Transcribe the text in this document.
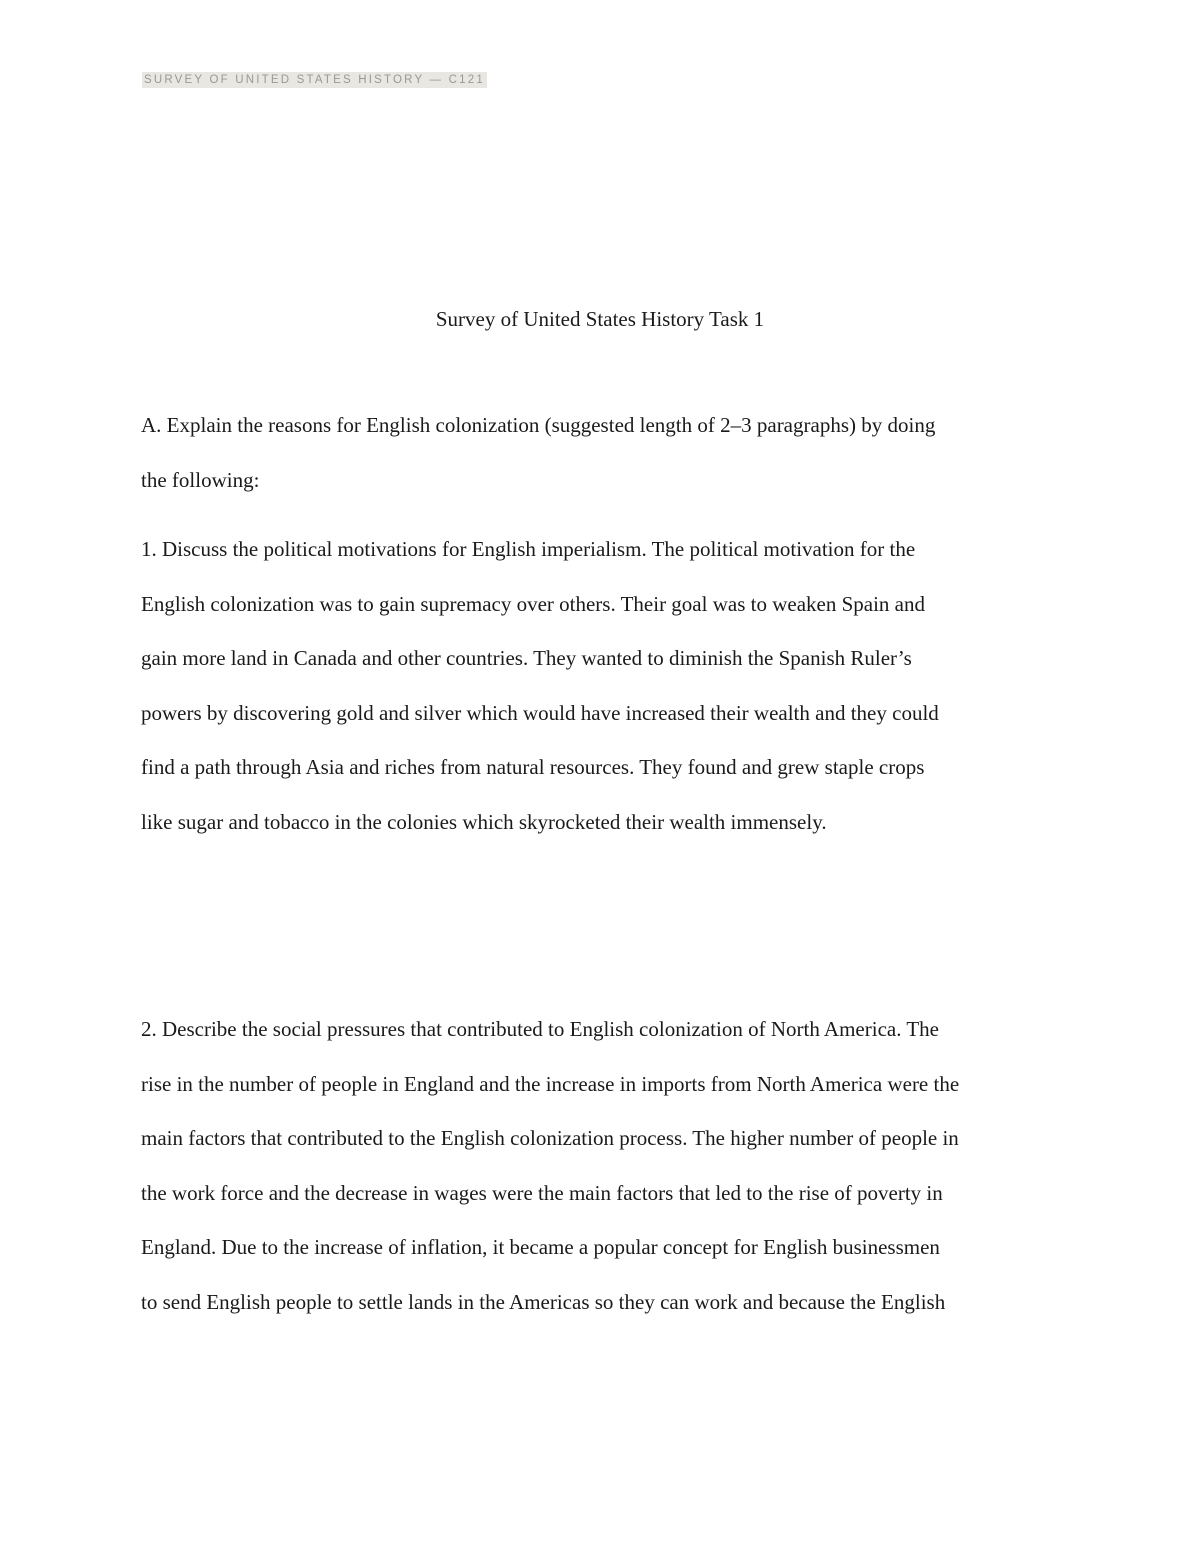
SURVEY OF UNITED STATES HISTORY — C121
Survey of United States History Task 1
A. Explain the reasons for English colonization (suggested length of 2–3 paragraphs) by doing
the following:
1. Discuss the political motivations for English imperialism. The political motivation for the
English colonization was to gain supremacy over others. Their goal was to weaken Spain and
gain more land in Canada and other countries. They wanted to diminish the Spanish Ruler’s
powers by discovering gold and silver which would have increased their wealth and they could
find a path through Asia and riches from natural resources. They found and grew staple crops
like sugar and tobacco in the colonies which skyrocketed their wealth immensely.
2. Describe the social pressures that contributed to English colonization of North America. The
rise in the number of people in England and the increase in imports from North America were the
main factors that contributed to the English colonization process. The higher number of people in
the work force and the decrease in wages were the main factors that led to the rise of poverty in
England. Due to the increase of inflation, it became a popular concept for English businessmen
to send English people to settle lands in the Americas so they can work and because the English
